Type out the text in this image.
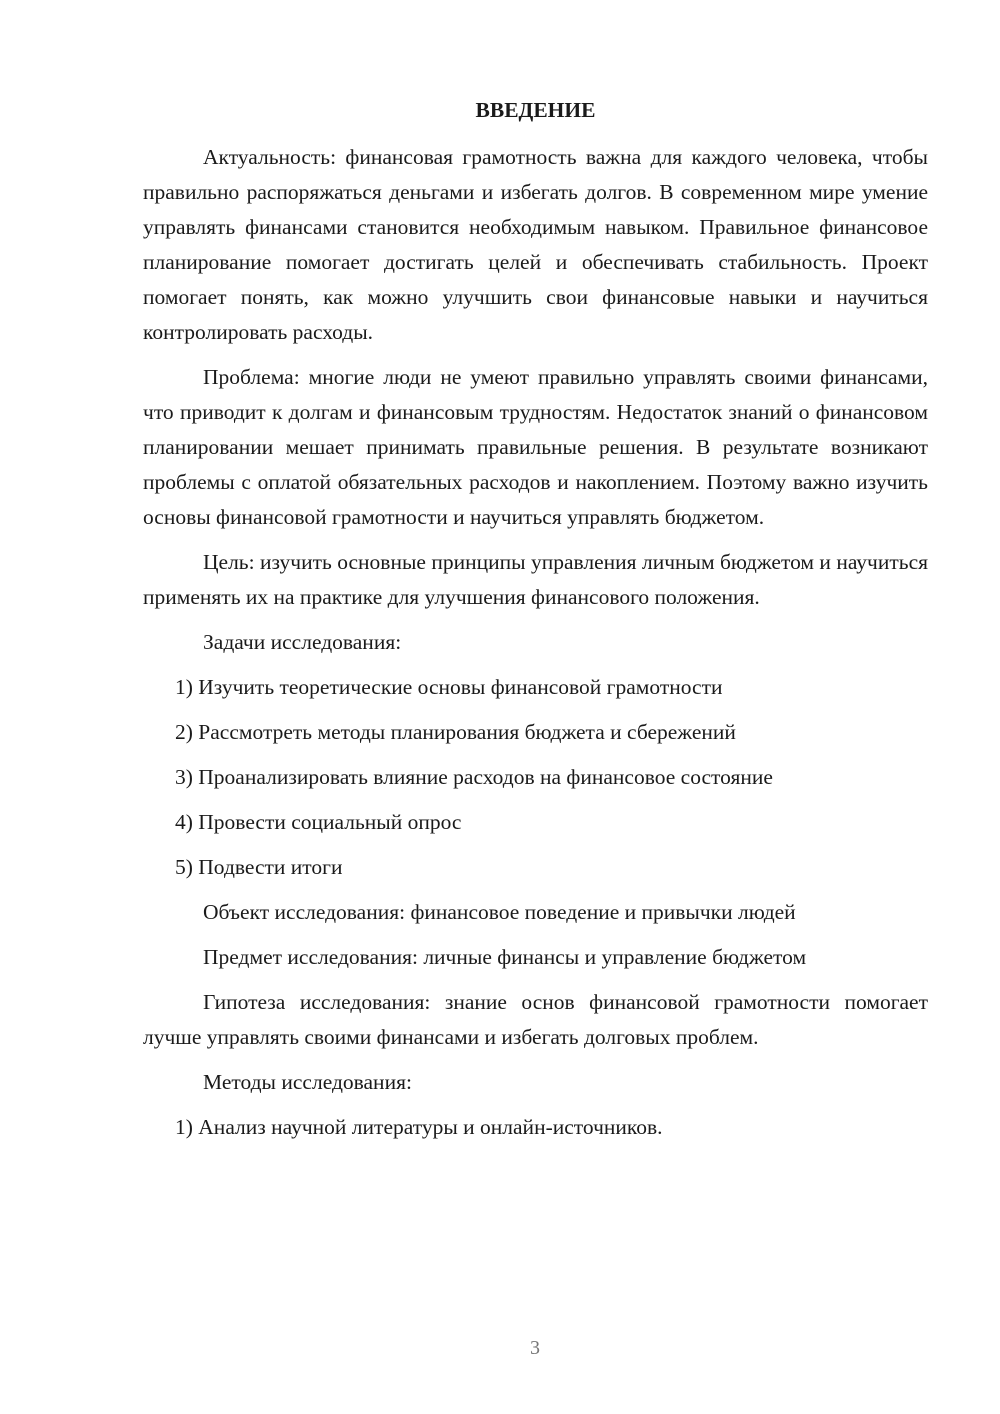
ВВЕДЕНИЕ
Актуальность: финансовая грамотность важна для каждого человека, чтобы правильно распоряжаться деньгами и избегать долгов. В современном мире умение управлять финансами становится необходимым навыком. Правильное финансовое планирование помогает достигать целей и обеспечивать стабильность. Проект помогает понять, как можно улучшить свои финансовые навыки и научиться контролировать расходы.
Проблема: многие люди не умеют правильно управлять своими финансами, что приводит к долгам и финансовым трудностям. Недостаток знаний о финансовом планировании мешает принимать правильные решения. В результате возникают проблемы с оплатой обязательных расходов и накоплением. Поэтому важно изучить основы финансовой грамотности и научиться управлять бюджетом.
Цель: изучить основные принципы управления личным бюджетом и научиться применять их на практике для улучшения финансового положения.
Задачи исследования:
1) Изучить теоретические основы финансовой грамотности
2) Рассмотреть методы планирования бюджета и сбережений
3) Проанализировать влияние расходов на финансовое состояние
4) Провести социальный опрос
5) Подвести итоги
Объект исследования: финансовое поведение и привычки людей
Предмет исследования: личные финансы и управление бюджетом
Гипотеза исследования: знание основ финансовой грамотности помогает лучше управлять своими финансами и избегать долговых проблем.
Методы исследования:
1) Анализ научной литературы и онлайн-источников.
3
